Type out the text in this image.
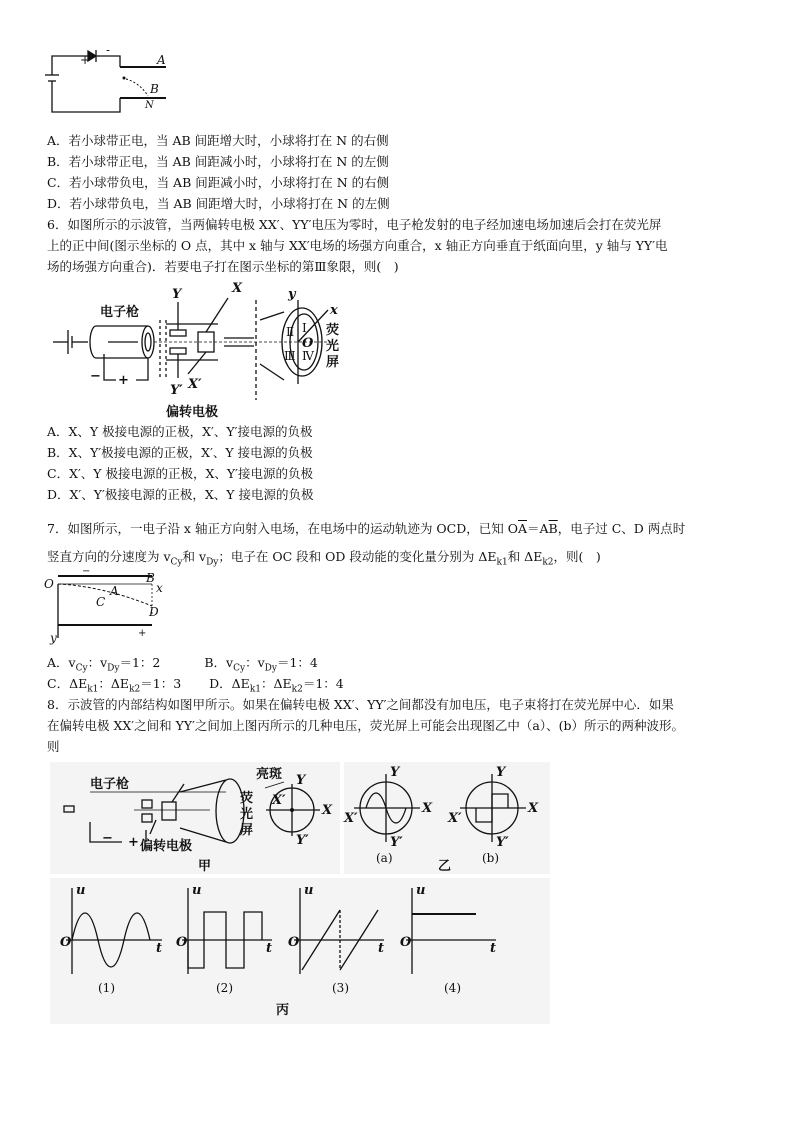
+
-
A
B
N
A．若小球带正电，当 AB 间距增大时，小球将打在 N 的右侧
B．若小球带正电，当 AB 间距减小时，小球将打在 N 的左侧
C．若小球带负电，当 AB 间距减小时，小球将打在 N 的右侧
D．若小球带负电，当 AB 间距增大时，小球将打在 N 的左侧
6．如图所示的示波管，当两偏转电极 XX′、YY′电压为零时，电子枪发射的电子经加速电场加速后会打在荧光屏
上的正中间(图示坐标的 O 点，其中 x 轴与 XX′电场的场强方向重合，x 轴正方向垂直于纸面向里，y 轴与 YY′电
场的场强方向重合)．若要电子打在图示坐标的第Ⅲ象限，则(　)
电子枪
偏转电极
Y
Y′
X
X′
− +
y
x
O
Ⅰ
Ⅱ
Ⅲ Ⅳ
荧
光
屏
A．X、Y 极接电源的正极，X′、Y′接电源的负极
B．X、Y′极接电源的正极，X′、Y 接电源的负极
C．X′、Y 极接电源的正极，X、Y′接电源的负极
D．X′、Y′极接电源的正极，X、Y 接电源的负极
7．如图所示，一电子沿 x 轴正方向射入电场，在电场中的运动轨迹为 OCD，已知 $O\overline{A}=A\overline{B}$，电子过 C、D 两点时
竖直方向的分速度为 $v_{Cy}$和 $v_{Dy}$；电子在 OC 段和 OD 段动能的变化量分别为 $\Delta E_{k1}$和 $\Delta E_{k2}$，则(　)
O	A
B
C
D
x
y
−
+
A．$v_{Cy}$：$v_{Dy}=1$：2	B．$v_{Cy}$：$v_{Dy}=1$：4
C．$\Delta E_{k1}$：$\Delta E_{k2}=1$：3 D．$\Delta E_{k1}$：$\Delta E_{k2}=1$：4
8．示波管的内部结构如图甲所示。如果在偏转电极 XX′、YY′之间都没有加电压，电子束将打在荧光屏中心．如果
在偏转电极 XX′之间和 YY′之间加上图丙所示的几种电压，荧光屏上可能会出现图乙中（a）、(b）所示的两种波形。
则
电子枪
偏转电极
亮斑
荧
光
屏
Y
Y′
X
X′
− +
甲
Y
Y′
X
X′
(a)
Y
Y′
X
X′
(b)
乙
u
O	t
(1)
u
O	t
(2)
u
O	t
(3)
u
O	t
(4)
丙
